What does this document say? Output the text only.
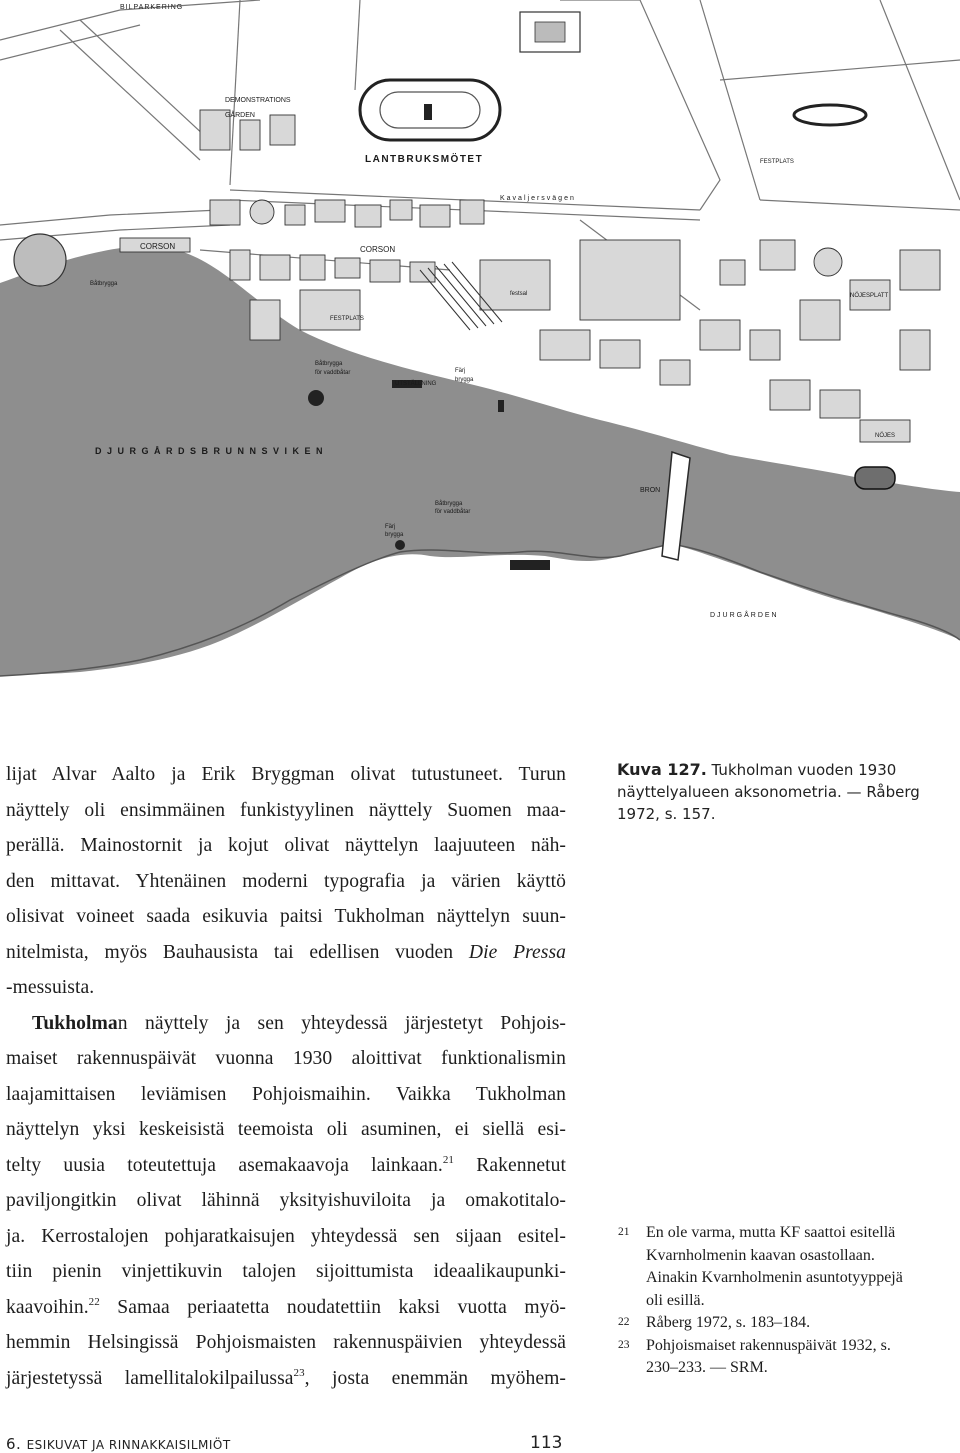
BILPARKERING
DEMONSTRATIONS
GÅRDEN
LANTBRUKSMÖTET	FESTPLATS
Kavaljersvägen
CORSON	CORSON
FESTPLATS
Båtbrygga
Båtbrygga
för vaddbåtar
festsal
UTSTÄLLNING
Färj
brygga
DJURGÅRDSBRUNNSVIKEN
NÖJESPLATT
NÖJES
BRON
Båtbrygga
för vaddbåtar
Färj
brygga
DJURGÅRDEN

lijat Alvar Aalto ja Erik Bryggman olivat tutustuneet. Turun
näyttely oli ensimmäinen funkistyylinen näyttely Suomen maa-
perällä. Mainostornit ja kojut olivat näyttelyn laajuuteen näh-
den mittavat. Yhtenäinen moderni typografia ja värien käyttö
olisivat voineet saada esikuvia paitsi Tukholman näyttelyn suun-
nitelmista, myös Bauhausista tai edellisen vuoden Die Pressa
-messuista.

Tukholman näyttely ja sen yhteydessä järjestetyt Pohjois-
maiset rakennuspäivät vuonna 1930 aloittivat funktionalismin
laajamittaisen leviämisen Pohjoismaihin. Vaikka Tukholman
näyttelyn yksi keskeisistä teemoista oli asuminen, ei siellä esi-
telty uusia toteutettuja asemakaavoja lainkaan.$^{21}$ Rakennetut
paviljongitkin olivat lähinnä yksityishuviloita ja omakotitalo-
ja. Kerrostalojen pohjaratkaisujen yhteydessä sen sijaan esitel-
tiin pienin vinjettikuvin talojen sijoittumista ideaalikaupunki-
kaavoihin.$^{22}$ Samaa periaatetta noudatettiin kaksi vuotta myö-
hemmin Helsingissä Pohjoismaisten rakennuspäivien yhteydessä
järjestetyssä lamellitalokilpailussa$^{23}$, josta enemmän myöhem-

Kuva 127. Tukholman vuoden 1930
näyttelyalueen aksonometria. — Råberg
1972, s. 157.
21 En ole varma, mutta KF saattoi esitellä
Kvarnholmenin kaavan osastollaan.
Ainakin Kvarnholmenin asuntotyyppejä
oli esillä.
22 Råberg 1972, s. 183–184.
23 Pohjoismaiset rakennuspäivät 1932, s.
230–233. — SRM.
6. ESIKUVAT JA RINNAKKAISILMIÖT	113
